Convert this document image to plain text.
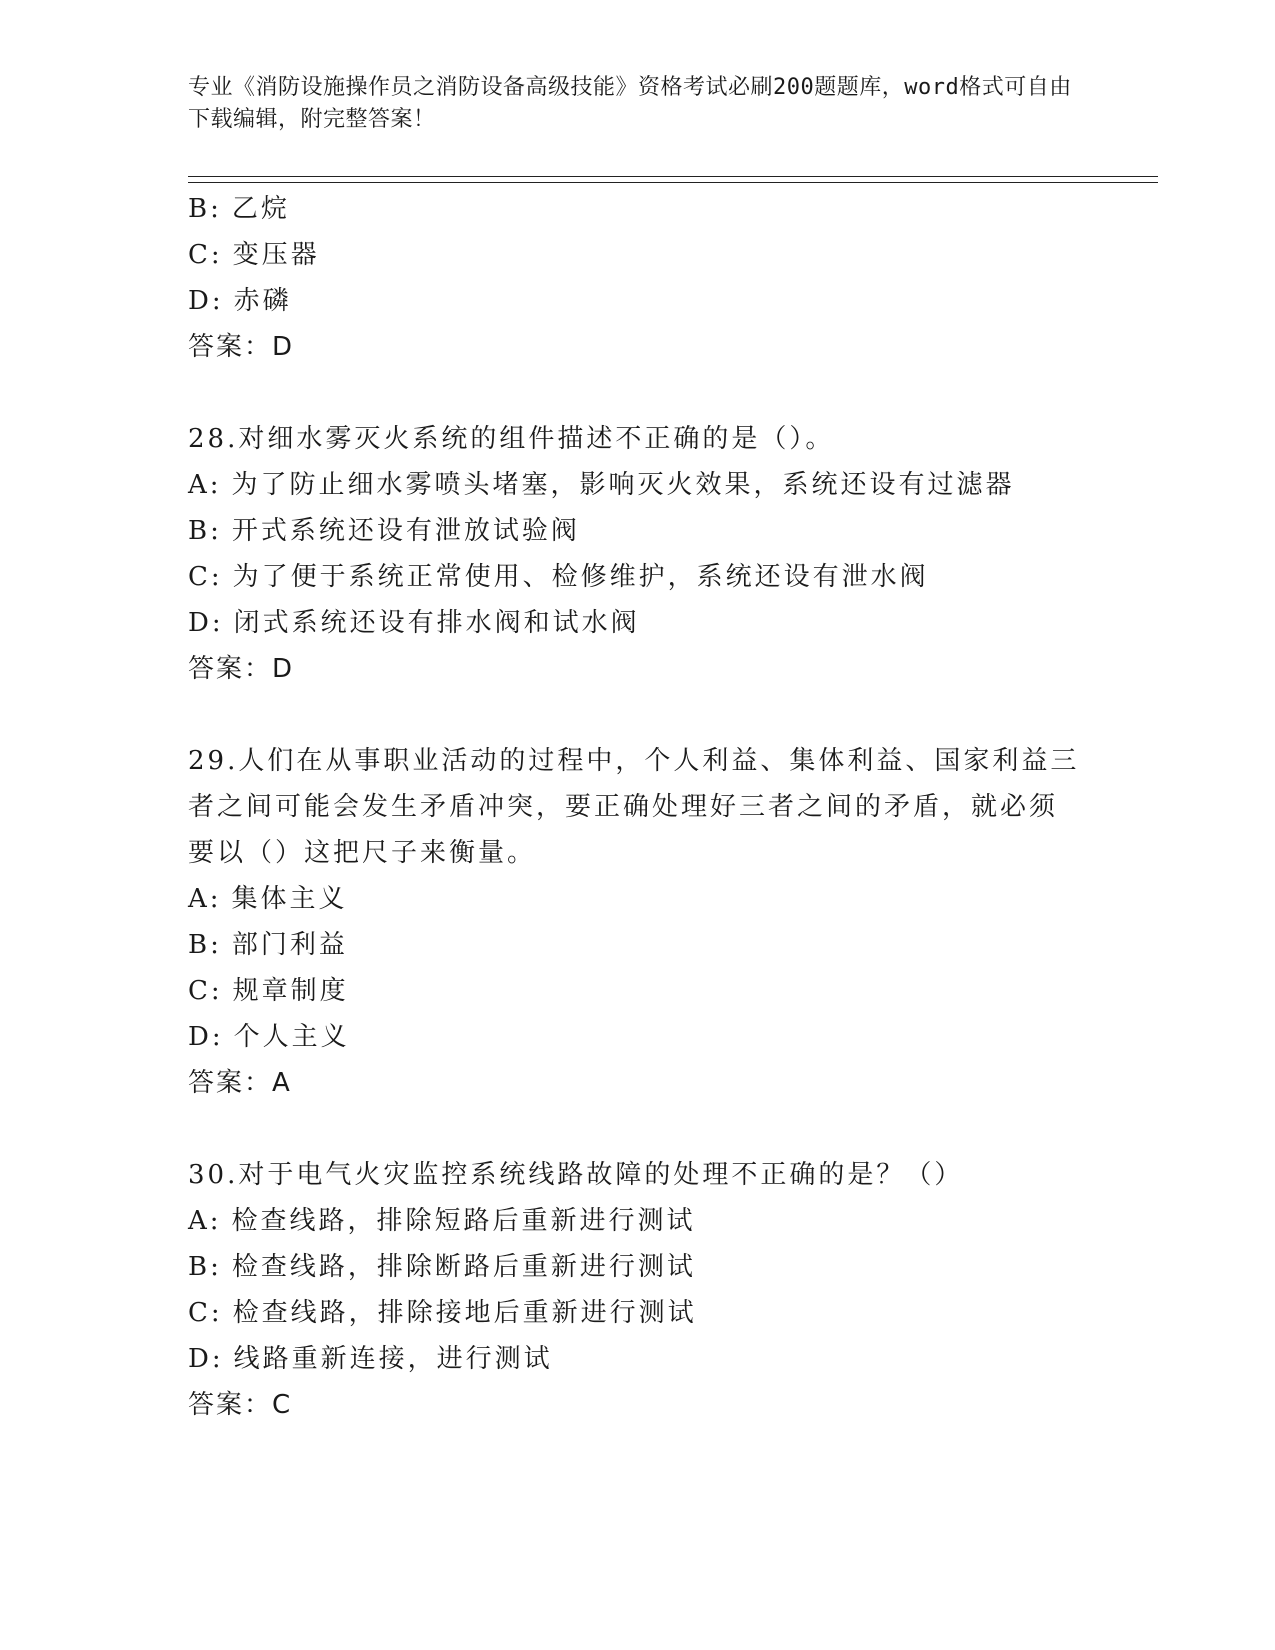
专业《消防设施操作员之消防设备高级技能》资格考试必刷200题题库，word格式可自由下载编辑，附完整答案！
B: 乙烷
C: 变压器
D: 赤磷
答案：D
28.对细水雾灭火系统的组件描述不正确的是（）。
A: 为了防止细水雾喷头堵塞，影响灭火效果，系统还设有过滤器
B: 开式系统还设有泄放试验阀
C: 为了便于系统正常使用、检修维护，系统还设有泄水阀
D: 闭式系统还设有排水阀和试水阀
答案：D
29.人们在从事职业活动的过程中，个人利益、集体利益、国家利益三
者之间可能会发生矛盾冲突，要正确处理好三者之间的矛盾，就必须
要以（）这把尺子来衡量。
A: 集体主义
B: 部门利益
C: 规章制度
D: 个人主义
答案：A
30.对于电气火灾监控系统线路故障的处理不正确的是？（）
A: 检查线路，排除短路后重新进行测试
B: 检查线路，排除断路后重新进行测试
C: 检查线路，排除接地后重新进行测试
D: 线路重新连接，进行测试
答案：C
